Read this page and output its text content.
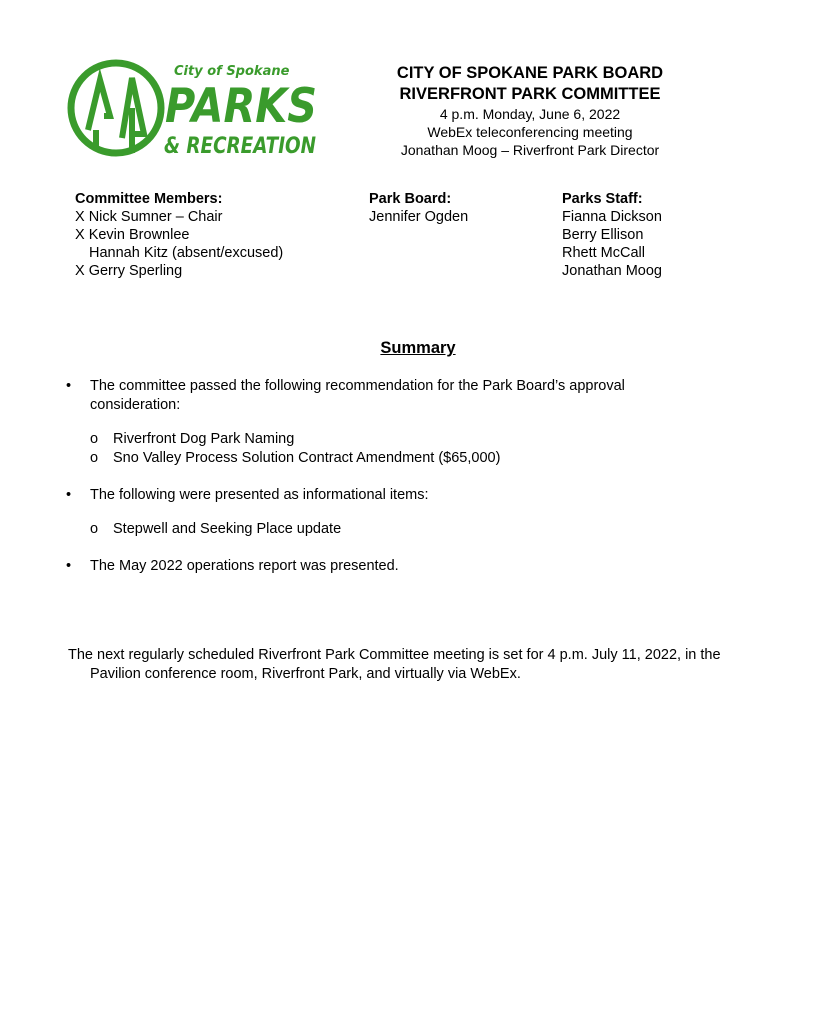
City of Spokane
PARKS
& RECREATION
CITY OF SPOKANE PARK BOARD
RIVERFRONT PARK COMMITTEE
4 p.m. Monday, June 6, 2022
WebEx teleconferencing meeting
Jonathan Moog – Riverfront Park Director
Committee Members:
X Nick Sumner – Chair
X Kevin Brownlee
Hannah Kitz (absent/excused)
X Gerry Sperling
Park Board:
Jennifer Ogden
Parks Staff:
Fianna Dickson
Berry Ellison
Rhett McCall
Jonathan Moog
Summary
• The committee passed the following recommendation for the Park Board’s approval consideration:
o Riverfront Dog Park Naming
o Sno Valley Process Solution Contract Amendment ($65,000)
• The following were presented as informational items:
o Stepwell and Seeking Place update
• The May 2022 operations report was presented.
The next regularly scheduled Riverfront Park Committee meeting is set for 4 p.m. July 11, 2022, in the Pavilion conference room, Riverfront Park, and virtually via WebEx.
